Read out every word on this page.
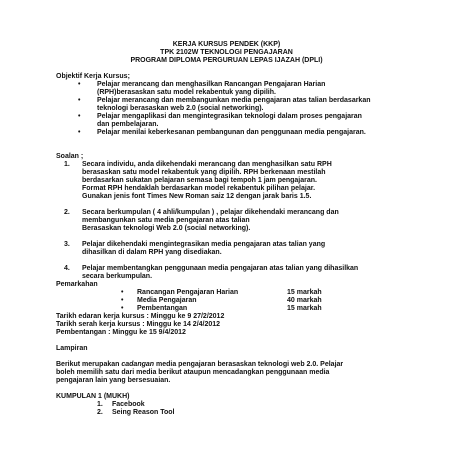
KERJA KURSUS PENDEK (KKP)
TPK 2102W TEKNOLOGI PENGAJARAN
PROGRAM DIPLOMA PERGURUAN LEPAS IJAZAH (DPLI)
Objektif Kerja Kursus;
• Pelajar merancang dan menghasilkan Rancangan Pengajaran Harian
(RPH)berasaskan satu model rekabentuk yang dipilih.
• Pelajar merancang dan membangunkan media pengajaran atas talian berdasarkan
teknologi berasaskan web 2.0 (social networking).
• Pelajar mengaplikasi dan mengintegrasikan teknologi dalam proses pengajaran
dan pembelajaran.
• Pelajar menilai keberkesanan pembangunan dan penggunaan media pengajaran.
Soalan ;
1. Secara individu, anda dikehendaki merancang dan menghasilkan satu RPH
berasaskan satu model rekabentuk yang dipilih. RPH berkenaan mestilah
berdasarkan sukatan pelajaran semasa bagi tempoh 1 jam pengajaran.
Format RPH hendaklah berdasarkan model rekabentuk pilihan pelajar.
Gunakan jenis font Times New Roman saiz 12 dengan jarak baris 1.5.
2. Secara berkumpulan ( 4 ahli/kumpulan ) , pelajar dikehendaki merancang dan
membangunkan satu media pengajaran atas talian
Berasaskan teknologi Web 2.0 (social networking).
3. Pelajar dikehendaki mengintegrasikan media pengajaran atas talian yang
dihasilkan di dalam RPH yang disediakan.
4. Pelajar membentangkan penggunaan media pengajaran atas talian yang dihasilkan
secara berkumpulan.
Pemarkahan
• Rancangan Pengajaran Harian	15 markah
• Media Pengajaran	40 markah
• Pembentangan	15 markah
Tarikh edaran kerja kursus : Minggu ke 9 27/2/2012
Tarikh serah kerja kursus : Minggu ke 14 2/4/2012
Pembentangan : Minggu ke 15 9/4/2012
Lampiran
Berikut merupakan cadangan media pengajaran berasaskan teknologi web 2.0. Pelajar
boleh memilih satu dari media berikut ataupun mencadangkan penggunaan media
pengajaran lain yang bersesuaian.
KUMPULAN 1 (MUKH)
1. Facebook
2. Seing Reason Tool
